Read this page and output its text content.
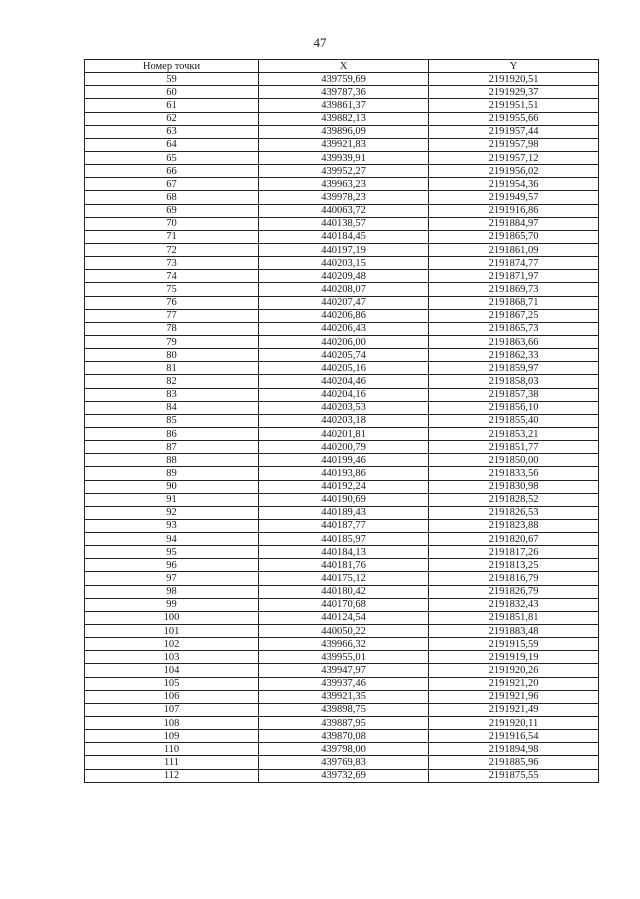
47
Номер точки	X	Y
59	439759,69	2191920,51
60	439787,36	2191929,37
61	439861,37	2191951,51
62	439882,13	2191955,66
63	439896,09	2191957,44
64	439921,83	2191957,98
65	439939,91	2191957,12
66	439952,27	2191956,02
67	439963,23	2191954,36
68	439978,23	2191949,57
69	440063,72	2191916,86
70	440138,57	2191884,97
71	440184,45	2191865,70
72	440197,19	2191861,09
73	440203,15	2191874,77
74	440209,48	2191871,97
75	440208,07	2191869,73
76	440207,47	2191868,71
77	440206,86	2191867,25
78	440206,43	2191865,73
79	440206,00	2191863,66
80	440205,74	2191862,33
81	440205,16	2191859,97
82	440204,46	2191858,03
83	440204,16	2191857,38
84	440203,53	2191856,10
85	440203,18	2191855,40
86	440201,81	2191853,21
87	440200,79	2191851,77
88	440199,46	2191850,00
89	440193,86	2191833,56
90	440192,24	2191830,98
91	440190,69	2191828,52
92	440189,43	2191826,53
93	440187,77	2191823,88
94	440185,97	2191820,67
95	440184,13	2191817,26
96	440181,76	2191813,25
97	440175,12	2191816,79
98	440180,42	2191826,79
99	440170,68	2191832,43
100	440124,54	2191851,81
101	440050,22	2191883,48
102	439966,32	2191915,59
103	439955,01	2191919,19
104	439947,97	2191920,26
105	439937,46	2191921,20
106	439921,35	2191921,96
107	439898,75	2191921,49
108	439887,95	2191920,11
109	439870,08	2191916,54
110	439798,00	2191894,98
111	439769,83	2191885,96
112	439732,69	2191875,55
